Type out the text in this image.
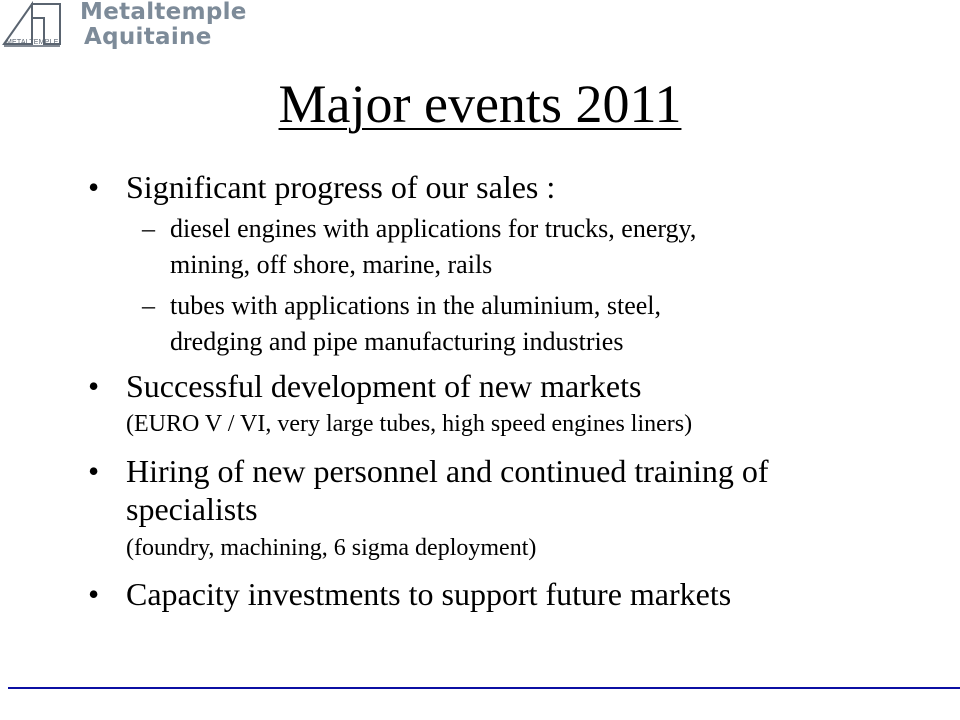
METALTEMPLE
Metaltemple
Aquitaine
Major events 2011
• Significant progress of our sales :
– diesel engines with applications for trucks, energy,
mining, off shore, marine, rails
– tubes with applications in the aluminium, steel,
dredging and pipe manufacturing industries
• Successful development of new markets
(EURO V / VI, very large tubes, high speed engines liners)
• Hiring of new personnel and continued training of
specialists
(foundry, machining, 6 sigma deployment)
• Capacity investments to support future markets
